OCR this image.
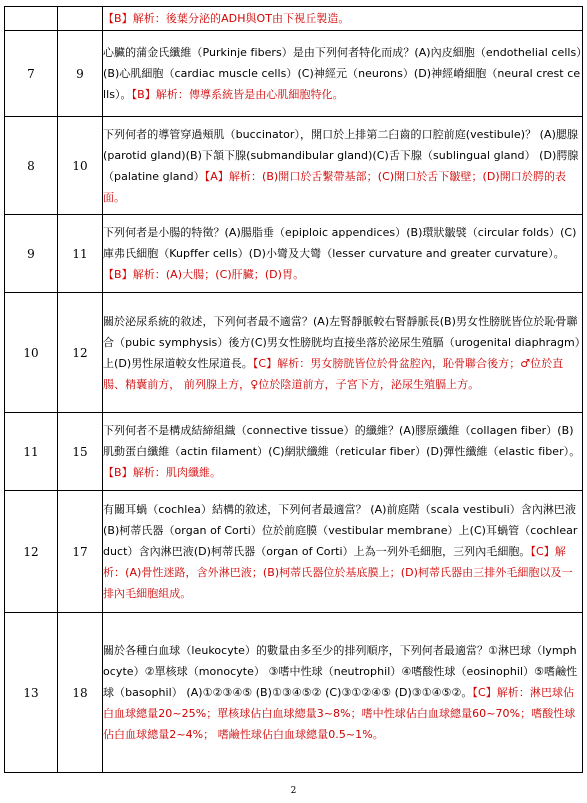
		【B】解析：後葉分泌的ADH與OT由下視丘製造。
7	9	心臟的蒲金氏纖維（Purkinje fibers）是由下列何者特化而成？(A)內皮細胞（endothelial cells）(B)心肌細胞（cardiac muscle cells）(C)神經元（neurons）(D)神經嵴細胞（neural crest cells）。【B】解析：傳導系統皆是由心肌細胞特化。
8	10	下列何者的導管穿過頰肌（buccinator），開口於上排第二臼齒的口腔前庭(vestibule)？ (A)腮腺(parotid gland)(B)下頷下腺(submandibular gland)(C)舌下腺（sublingual gland） (D)腭腺（palatine gland）【A】解析：(B)開口於舌繫帶基部；(C)開口於舌下皺壁；(D)開口於腭的表面。
9	11	下列何者是小腸的特徵？(A)腸脂垂（epiploic appendices）(B)環狀皺襞（circular folds）(C)庫弗氏細胞（Kupffer cells）(D)小彎及大彎（lesser curvature and greater curvature）。【B】解析：(A)大腸；(C)肝臟；(D)胃。
10	12	關於泌尿系統的敘述，下列何者最不適當？(A)左腎靜脈較右腎靜脈長(B)男女性膀胱皆位於恥骨聯合（pubic symphysis）後方(C)男女性膀胱均直接坐落於泌尿生殖膈（urogenital diaphragm）上(D)男性尿道較女性尿道長。【C】解析：男女膀胱皆位於骨盆腔內，恥骨聯合後方；♂位於直腸、精囊前方， 前列腺上方，♀位於陰道前方，子宮下方，泌尿生殖膈上方。
11	15	下列何者不是構成結締組織（connective tissue）的纖維？(A)膠原纖維（collagen fiber）(B)肌動蛋白纖維（actin filament）(C)網狀纖維（reticular fiber）(D)彈性纖維（elastic fiber）。【B】解析：肌肉纖維。
12	17	有關耳蝸（cochlea）結構的敘述，下列何者最適當？ (A)前庭階（scala vestibuli）含內淋巴液 (B)柯蒂氏器（organ of Corti）位於前庭膜（vestibular membrane）上(C)耳蝸管（cochlear duct）含內淋巴液(D)柯蒂氏器（organ of Corti）上為一列外毛細胞，三列內毛細胞。【C】解析：(A)骨性迷路，含外淋巴液；(B)柯蒂氏器位於基底膜上；(D)柯蒂氏器由三排外毛細胞以及一排內毛細胞組成。
13	18	關於各種白血球（leukocyte）的數量由多至少的排列順序，下列何者最適當？①淋巴球（lymphocyte）②單核球（monocyte） ③嗜中性球（neutrophil）④嗜酸性球（eosinophil）⑤嗜鹼性球（basophil） (A)①②③④⑤ (B)①③④⑤② (C)③①②④⑤ (D)③①④⑤②。【C】解析：淋巴球佔白血球總量20~25%；單核球佔白血球總量3~8%；嗜中性球佔白血球總量60~70%；嗜酸性球佔白血球總量2~4%； 嗜鹼性球佔白血球總量0.5~1%。
2
